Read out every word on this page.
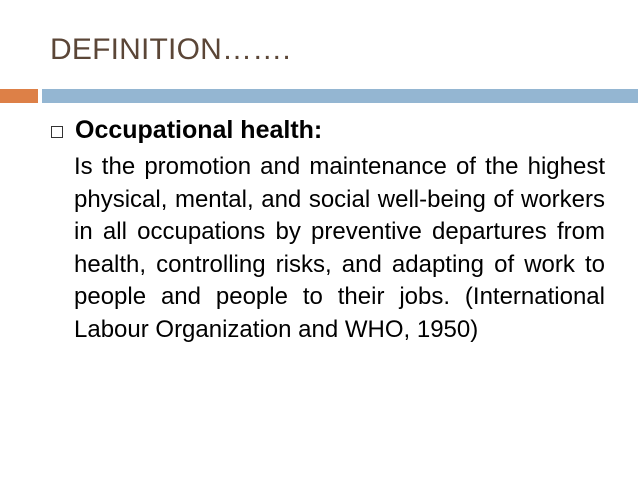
DEFINITION…….
Occupational health:
Is the promotion and maintenance of the highest physical, mental, and social well-being of workers in all occupations by preventive departures from health, controlling risks, and adapting of work to people and people to their jobs. (International Labour Organization and WHO, 1950)
